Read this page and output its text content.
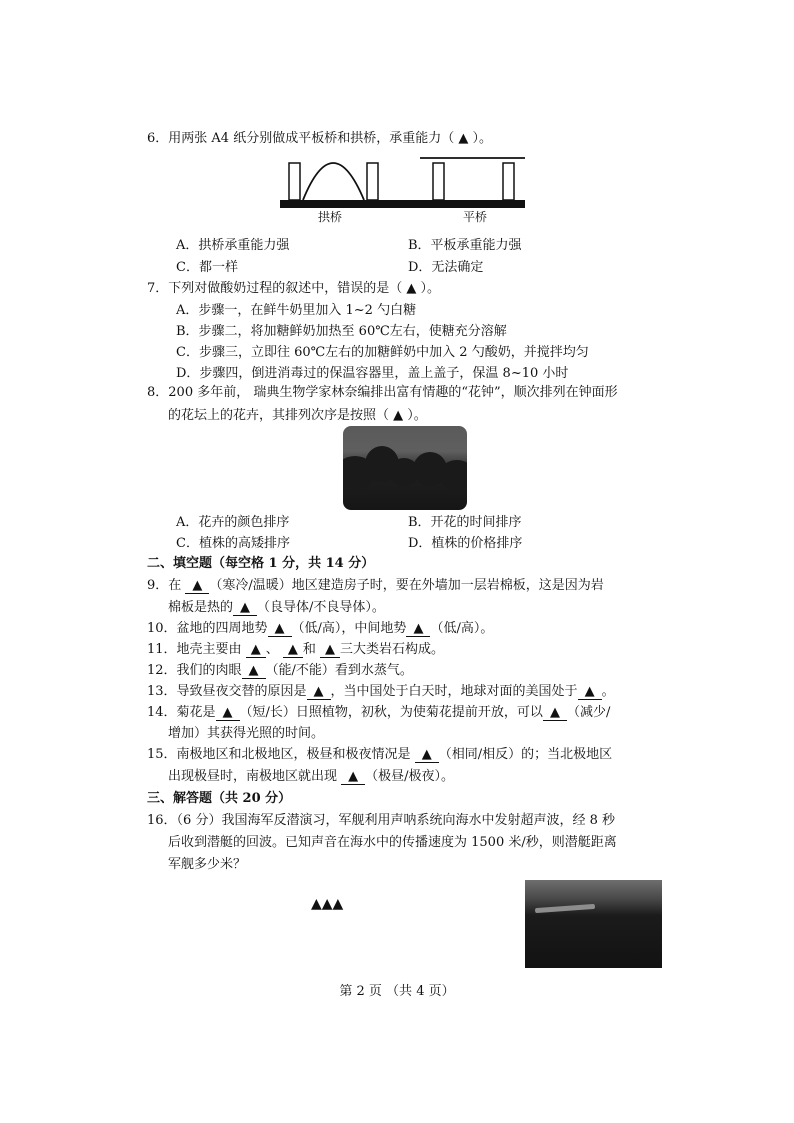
6．用两张 A4 纸分别做成平板桥和拱桥，承重能力（ ▲ ）。
拱桥	平桥
A．拱桥承重能力强	B．平板承重能力强
C．都一样	D．无法确定
7．下列对做酸奶过程的叙述中，错误的是（ ▲ ）。
A．步骤一，在鲜牛奶里加入 1~2 勺白糖
B．步骤二，将加糖鲜奶加热至 60℃左右，使糖充分溶解
C．步骤三，立即往 60℃左右的加糖鲜奶中加入 2 勺酸奶，并搅拌均匀
D．步骤四，倒进消毒过的保温容器里，盖上盖子，保温 8~10 小时
8．200 多年前， 瑞典生物学家林奈编排出富有情趣的“花钟”，顺次排列在钟面形
的花坛上的花卉，其排列次序是按照（ ▲ ）。
A．花卉的颜色排序	B．开花的时间排序
C．植株的高矮排序	D．植株的价格排序
二、填空题（每空格 1 分，共 14 分）
9．在 ▲ （寒冷/温暖）地区建造房子时，要在外墙加一层岩棉板，这是因为岩
棉板是热的 ▲ （良导体/不良导体）。
10．盆地的四周地势 ▲ （低/高），中间地势 ▲ （低/高）。
11．地壳主要由 ▲ 、 ▲ 和 ▲ 三大类岩石构成。
12．我们的肉眼 ▲ （能/不能）看到水蒸气。
13．导致昼夜交替的原因是 ▲ ，当中国处于白天时，地球对面的美国处于 ▲ 。
14．菊花是 ▲ （短/长）日照植物，初秋，为使菊花提前开放，可以 ▲ （减少/
增加）其获得光照的时间。
15．南极地区和北极地区，极昼和极夜情况是 ▲ （相同/相反）的；当北极地区
出现极昼时，南极地区就出现 ▲ （极昼/极夜）。
三、解答题（共 20 分）
16．（6 分）我国海军反潜演习，军舰利用声呐系统向海水中发射超声波，经 8 秒
后收到潜艇的回波。已知声音在海水中的传播速度为 1500 米/秒，则潜艇距离
军舰多少米？
▲▲▲
第 2 页 （共 4 页）
